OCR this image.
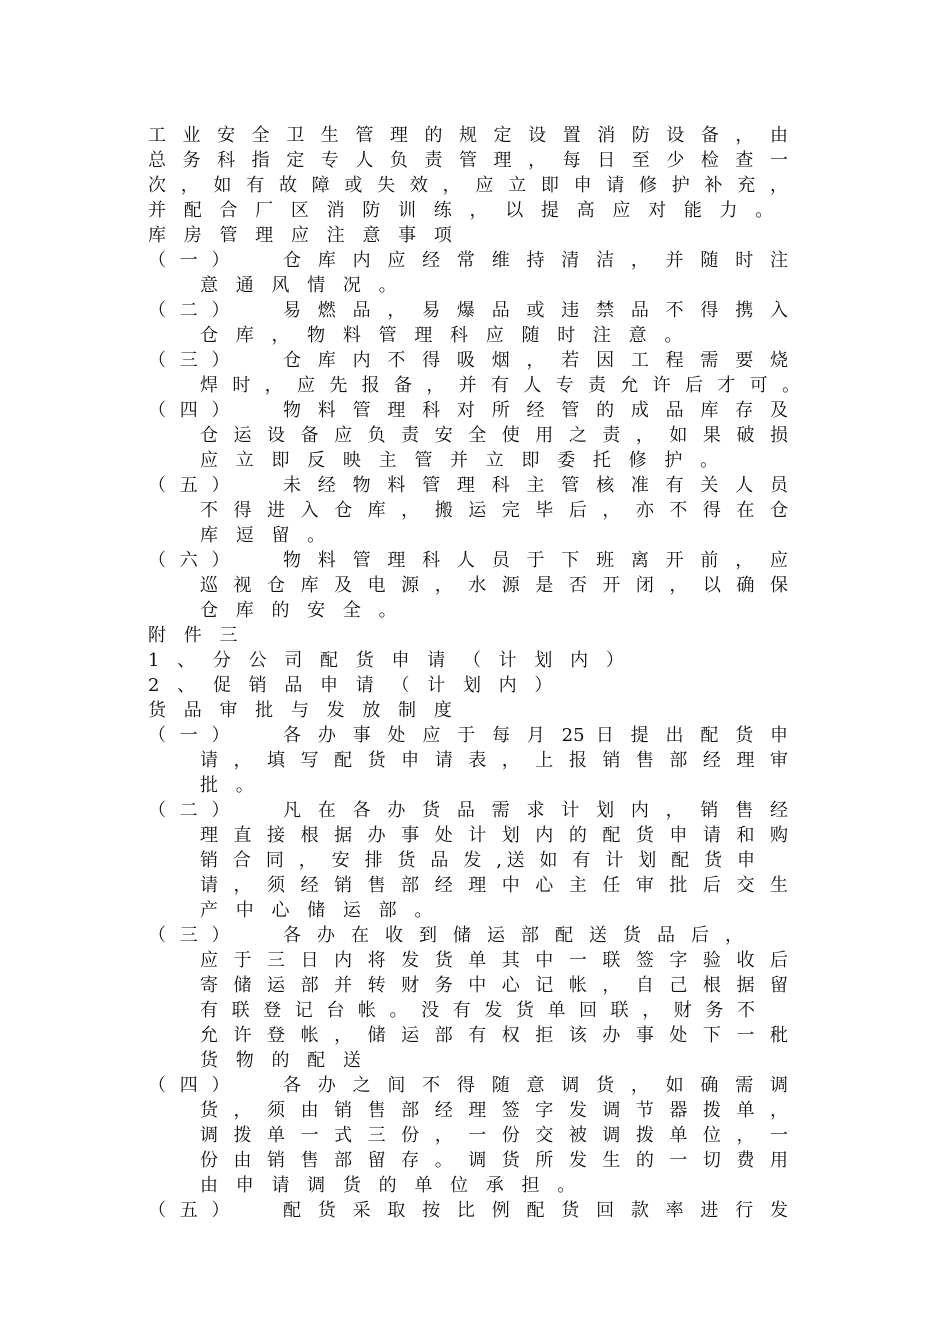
工 业 安 全 卫 生 管 理 的 规 定 设 置 消 防 设 备 ， 由
总 务 科 指 定 专 人 负 责 管 理 ， 每 日 至 少 检 查 一
次 ， 如 有 故 障 或 失 效 ， 应 立 即 申 请 修 护 补 充 ，
并 配 合 厂 区 消 防 训 练 ， 以 提 高 应 对 能 力 。
库 房 管 理 应 注 意 事 项
（ 一 ）	仓 库 内 应 经 常 维 持 清 洁 ， 并 随 时 注
意 通 风 情 况 。
（ 二 ）	易 燃 品 ， 易 爆 品 或 违 禁 品 不 得 携 入
仓 库 ， 物 料 管 理 科 应 随 时 注 意 。
（ 三 ）	仓 库 内 不 得 吸 烟 ， 若 因 工 程 需 要 烧
焊 时 ， 应 先 报 备 ， 并 有 人 专 责 允 许 后 才 可 。
（ 四 ）	物 料 管 理 科 对 所 经 管 的 成 品 库 存 及
仓 运 设 备 应 负 责 安 全 使 用 之 责 ， 如 果 破 损
应 立 即 反 映 主 管 并 立 即 委 托 修 护 。
（ 五 ）	未 经 物 料 管 理 科 主 管 核 准 有 关 人 员
不 得 进 入 仓 库 ， 搬 运 完 毕 后 ， 亦 不 得 在 仓
库 逗 留 。
（ 六 ）	物 料 管 理 科 人 员 于 下 班 离 开 前 ， 应
巡 视 仓 库 及 电 源 ， 水 源 是 否 开 闭 ， 以 确 保
仓 库 的 安 全 。
附 件 三
1 、 分 公 司 配 货 申 请 （ 计 划 内 ）
2 、 促 销 品 申 请 （ 计 划 内 ）
货 品 审 批 与 发 放 制 度
（ 一 ）	各 办 事 处 应 于 每 月 25 日 提 出 配 货 申
请 ， 填 写 配 货 申 请 表 ， 上 报 销 售 部 经 理 审
批 。
（ 二 ）	凡 在 各 办 货 品 需 求 计 划 内 ， 销 售 经
理 直 接 根 据 办 事 处 计 划 内 的 配 货 申 请 和 购
销 合 同 ， 安 排 货 品 发 ,送 如 有 计 划 配 货 申
请 ， 须 经 销 售 部 经 理 中 心 主 任 审 批 后 交 生
产 中 心 储 运 部 。
（ 三 ）	各 办 在 收 到 储 运 部 配 送 货 品 后 ，
应 于 三 日 内 将 发 货 单 其 中 一 联 签 字 验 收 后
寄 储 运 部 并 转 财 务 中 心 记 帐 ， 自 己 根 据 留
有 联 登 记 台 帐 。 没 有 发 货 单 回 联 ， 财 务 不
允 许 登 帐 ， 储 运 部 有 权 拒 该 办 事 处 下 一 秕
货 物 的 配 送
（ 四 ）	各 办 之 间 不 得 随 意 调 货 ， 如 确 需 调
货 ， 须 由 销 售 部 经 理 签 字 发 调 节 器 拨 单 ，
调 拨 单 一 式 三 份 ， 一 份 交 被 调 拨 单 位 ， 一
份 由 销 售 部 留 存 。 调 货 所 发 生 的 一 切 费 用
由 申 请 调 货 的 单 位 承 担 。
（ 五 ）	配 货 采 取 按 比 例 配 货 回 款 率 进 行 发
